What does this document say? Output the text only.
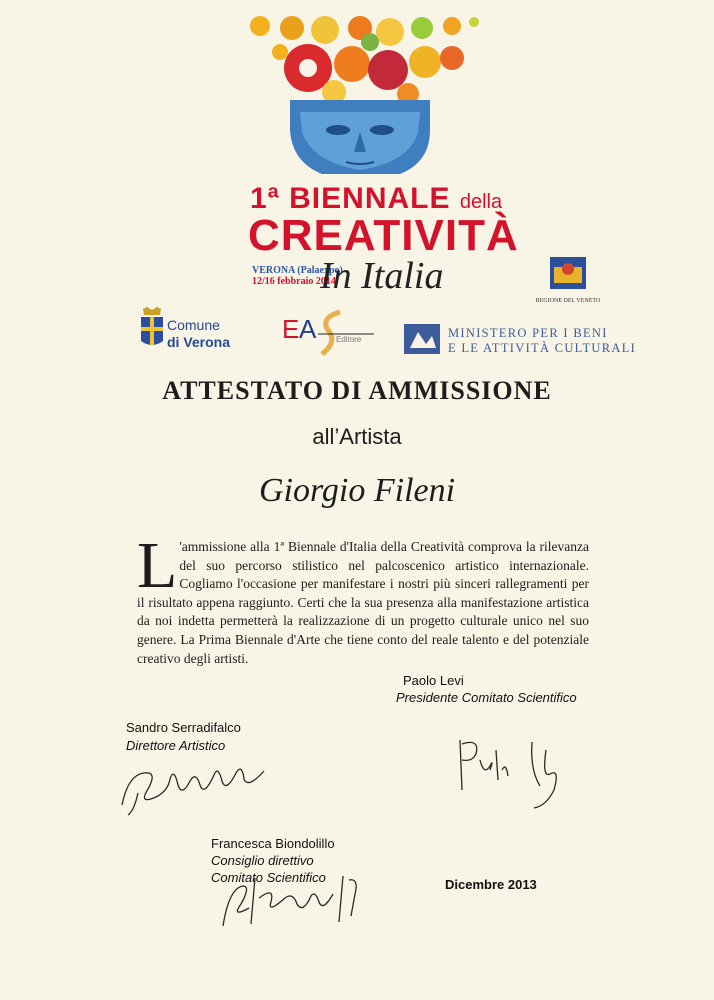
1ª BIENNALE della
CREATIVITÀ
VERONA (Palaexpo)
12/16 febbraio 2014
In Italia
REGIONE DEL VENETO
Comune
di Verona E A Editore	MINISTERO PER I BENI
E LE ATTIVITÀ CULTURALI
ATTESTATO DI AMMISSIONE
all’Artista
Giorgio Fileni
L 'ammissione alla 1ª Biennale d'Italia della Creatività comprova la rilevanza del suo percorso stilistico nel palcoscenico artistico internazionale. Cogliamo l'occasione per manifestare i nostri più sinceri rallegramenti per il risultato appena raggiunto. Certi che la sua presenza alla manifestazione artistica da noi indetta permetterà la realizzazione di un progetto culturale unico nel suo genere. La Prima Biennale d'Arte che tiene conto del reale talento e del potenziale creativo degli artisti.
Paolo Levi
Presidente Comitato Scientifico
Sandro Serradifalco
Direttore Artistico
Francesca Biondolillo
Consiglio direttivo
Comitato Scientifico	Dicembre 2013
